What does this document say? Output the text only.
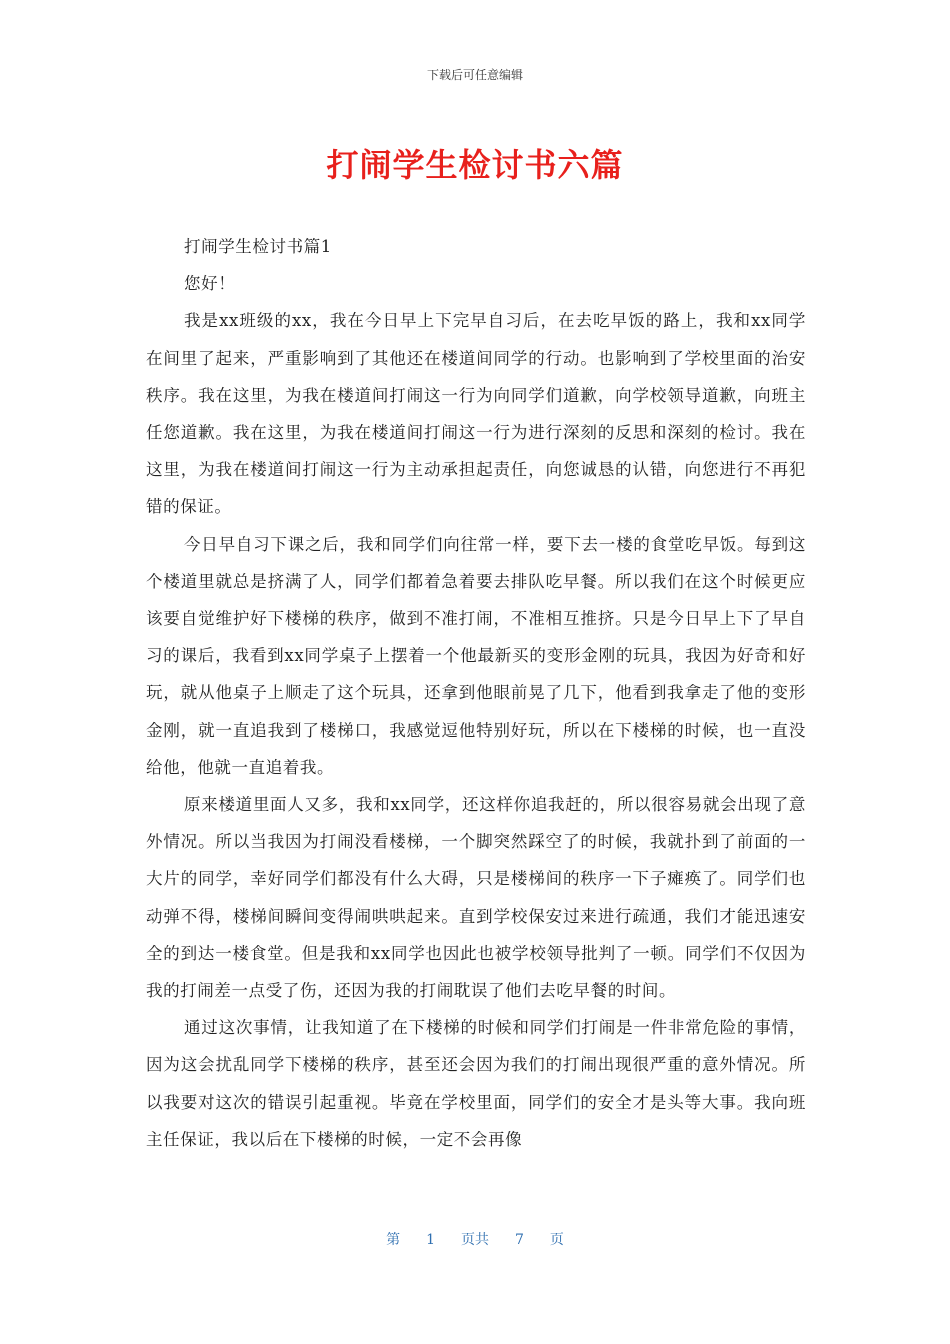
下载后可任意编辑
打闹学生检讨书六篇

打闹学生检讨书篇1

您好！

我是xx班级的xx，我在今日早上下完早自习后，在去吃早饭的路上，我和xx同学在间里了起来，严重影响到了其他还在楼道间同学的行动。也影响到了学校里面的治安秩序。我在这里，为我在楼道间打闹这一行为向同学们道歉，向学校领导道歉，向班主任您道歉。我在这里，为我在楼道间打闹这一行为进行深刻的反思和深刻的检讨。我在这里，为我在楼道间打闹这一行为主动承担起责任，向您诚恳的认错，向您进行不再犯错的保证。

今日早自习下课之后，我和同学们向往常一样，要下去一楼的食堂吃早饭。每到这个楼道里就总是挤满了人，同学们都着急着要去排队吃早餐。所以我们在这个时候更应该要自觉维护好下楼梯的秩序，做到不准打闹，不准相互推挤。只是今日早上下了早自习的课后，我看到xx同学桌子上摆着一个他最新买的变形金刚的玩具，我因为好奇和好玩，就从他桌子上顺走了这个玩具，还拿到他眼前晃了几下，他看到我拿走了他的变形金刚，就一直追我到了楼梯口，我感觉逗他特别好玩，所以在下楼梯的时候，也一直没给他，他就一直追着我。

原来楼道里面人又多，我和xx同学，还这样你追我赶的，所以很容易就会出现了意外情况。所以当我因为打闹没看楼梯，一个脚突然踩空了的时候，我就扑到了前面的一大片的同学，幸好同学们都没有什么大碍，只是楼梯间的秩序一下子瘫痪了。同学们也动弹不得，楼梯间瞬间变得闹哄哄起来。直到学校保安过来进行疏通，我们才能迅速安全的到达一楼食堂。但是我和xx同学也因此也被学校领导批判了一顿。同学们不仅因为我的打闹差一点受了伤，还因为我的打闹耽误了他们去吃早餐的时间。

通过这次事情，让我知道了在下楼梯的时候和同学们打闹是一件非常危险的事情，因为这会扰乱同学下楼梯的秩序，甚至还会因为我们的打闹出现很严重的意外情况。所以我要对这次的错误引起重视。毕竟在学校里面，同学们的安全才是头等大事。我向班主任保证，我以后在下楼梯的时候，一定不会再像

第 1 页共 7 页
